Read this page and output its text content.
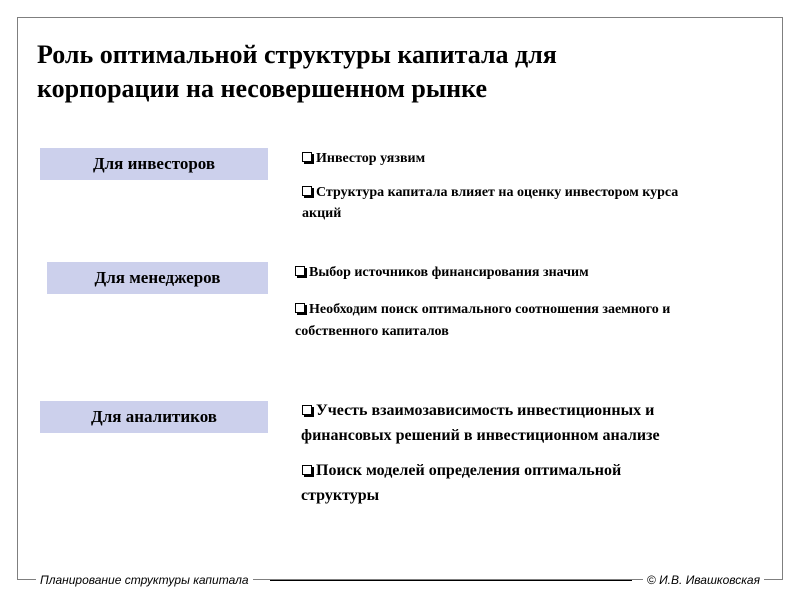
Роль оптимальной структуры капитала для
корпорации на несовершенном рынке
Для инвесторов	Инвестор уязвим

Структура капитала влияет на оценку инвестором курса

акций

Для менеджеров	Выбор источников финансирования значим

Необходим поиск оптимального соотношения заемного и

собственного капиталов

Для аналитиков	Учесть взаимозависимость инвестиционных и

финансовых решений в инвестиционном анализе

Поиск моделей определения оптимальной

структуры

Планирование структуры капитала	© И.В. Ивашковская
